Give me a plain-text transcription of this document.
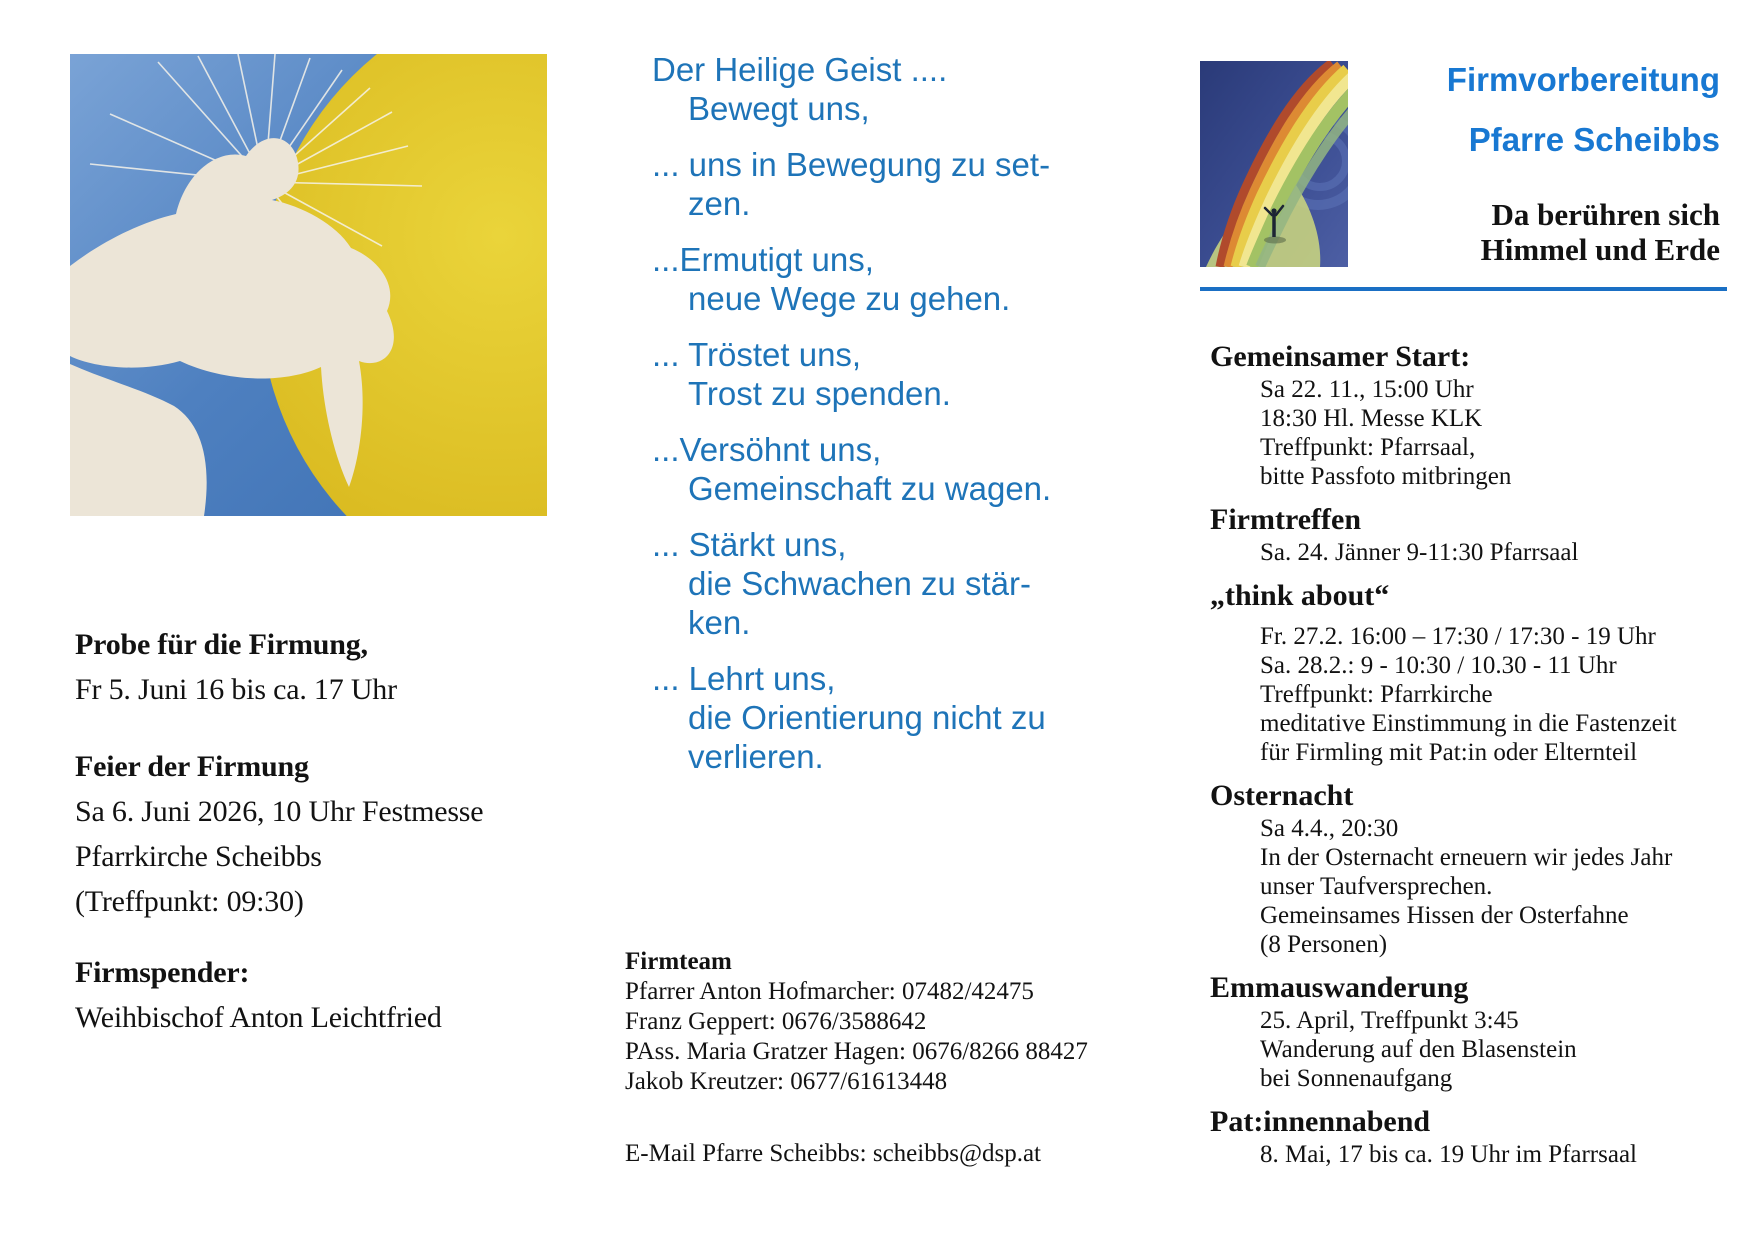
Probe für die Firmung,
Fr 5. Juni 16 bis ca. 17 Uhr
Feier der Firmung
Sa 6. Juni 2026, 10 Uhr Festmesse
Pfarrkirche Scheibbs
(Treffpunkt: 09:30)
Firmspender:
Weihbischof Anton Leichtfried
Der Heilige Geist ....
Bewegt uns,
... uns in Bewegung zu set-
zen.
...Ermutigt uns,
neue Wege zu gehen.
... Tröstet uns,
Trost zu spenden.
...Versöhnt uns,
Gemeinschaft zu wagen.
... Stärkt uns,
die Schwachen zu stär-
ken.
... Lehrt uns,
die Orientierung nicht zu
verlieren.
Firmteam
Pfarrer Anton Hofmarcher: 07482/42475
Franz Geppert: 0676/3588642
PAss. Maria Gratzer Hagen: 0676/8266 88427
Jakob Kreutzer: 0677/61613448
E-Mail Pfarre Scheibbs: scheibbs@dsp.at
Firmvorbereitung
Pfarre Scheibbs
Da berühren sich
Himmel und Erde
Gemeinsamer Start:
Sa 22. 11., 15:00 Uhr
18:30 Hl. Messe KLK
Treffpunkt: Pfarrsaal,
bitte Passfoto mitbringen
Firmtreffen
Sa. 24. Jänner 9-11:30 Pfarrsaal
„think about“
Fr. 27.2. 16:00 – 17:30 / 17:30 - 19 Uhr
Sa. 28.2.: 9 - 10:30 / 10.30 - 11 Uhr
Treffpunkt: Pfarrkirche
meditative Einstimmung in die Fastenzeit
für Firmling mit Pat:in oder Elternteil
Osternacht
Sa 4.4., 20:30
In der Osternacht erneuern wir jedes Jahr
unser Taufversprechen.
Gemeinsames Hissen der Osterfahne
(8 Personen)
Emmauswanderung
25. April, Treffpunkt 3:45
Wanderung auf den Blasenstein
bei Sonnenaufgang
Pat:innennabend
8. Mai, 17 bis ca. 19 Uhr im Pfarrsaal
